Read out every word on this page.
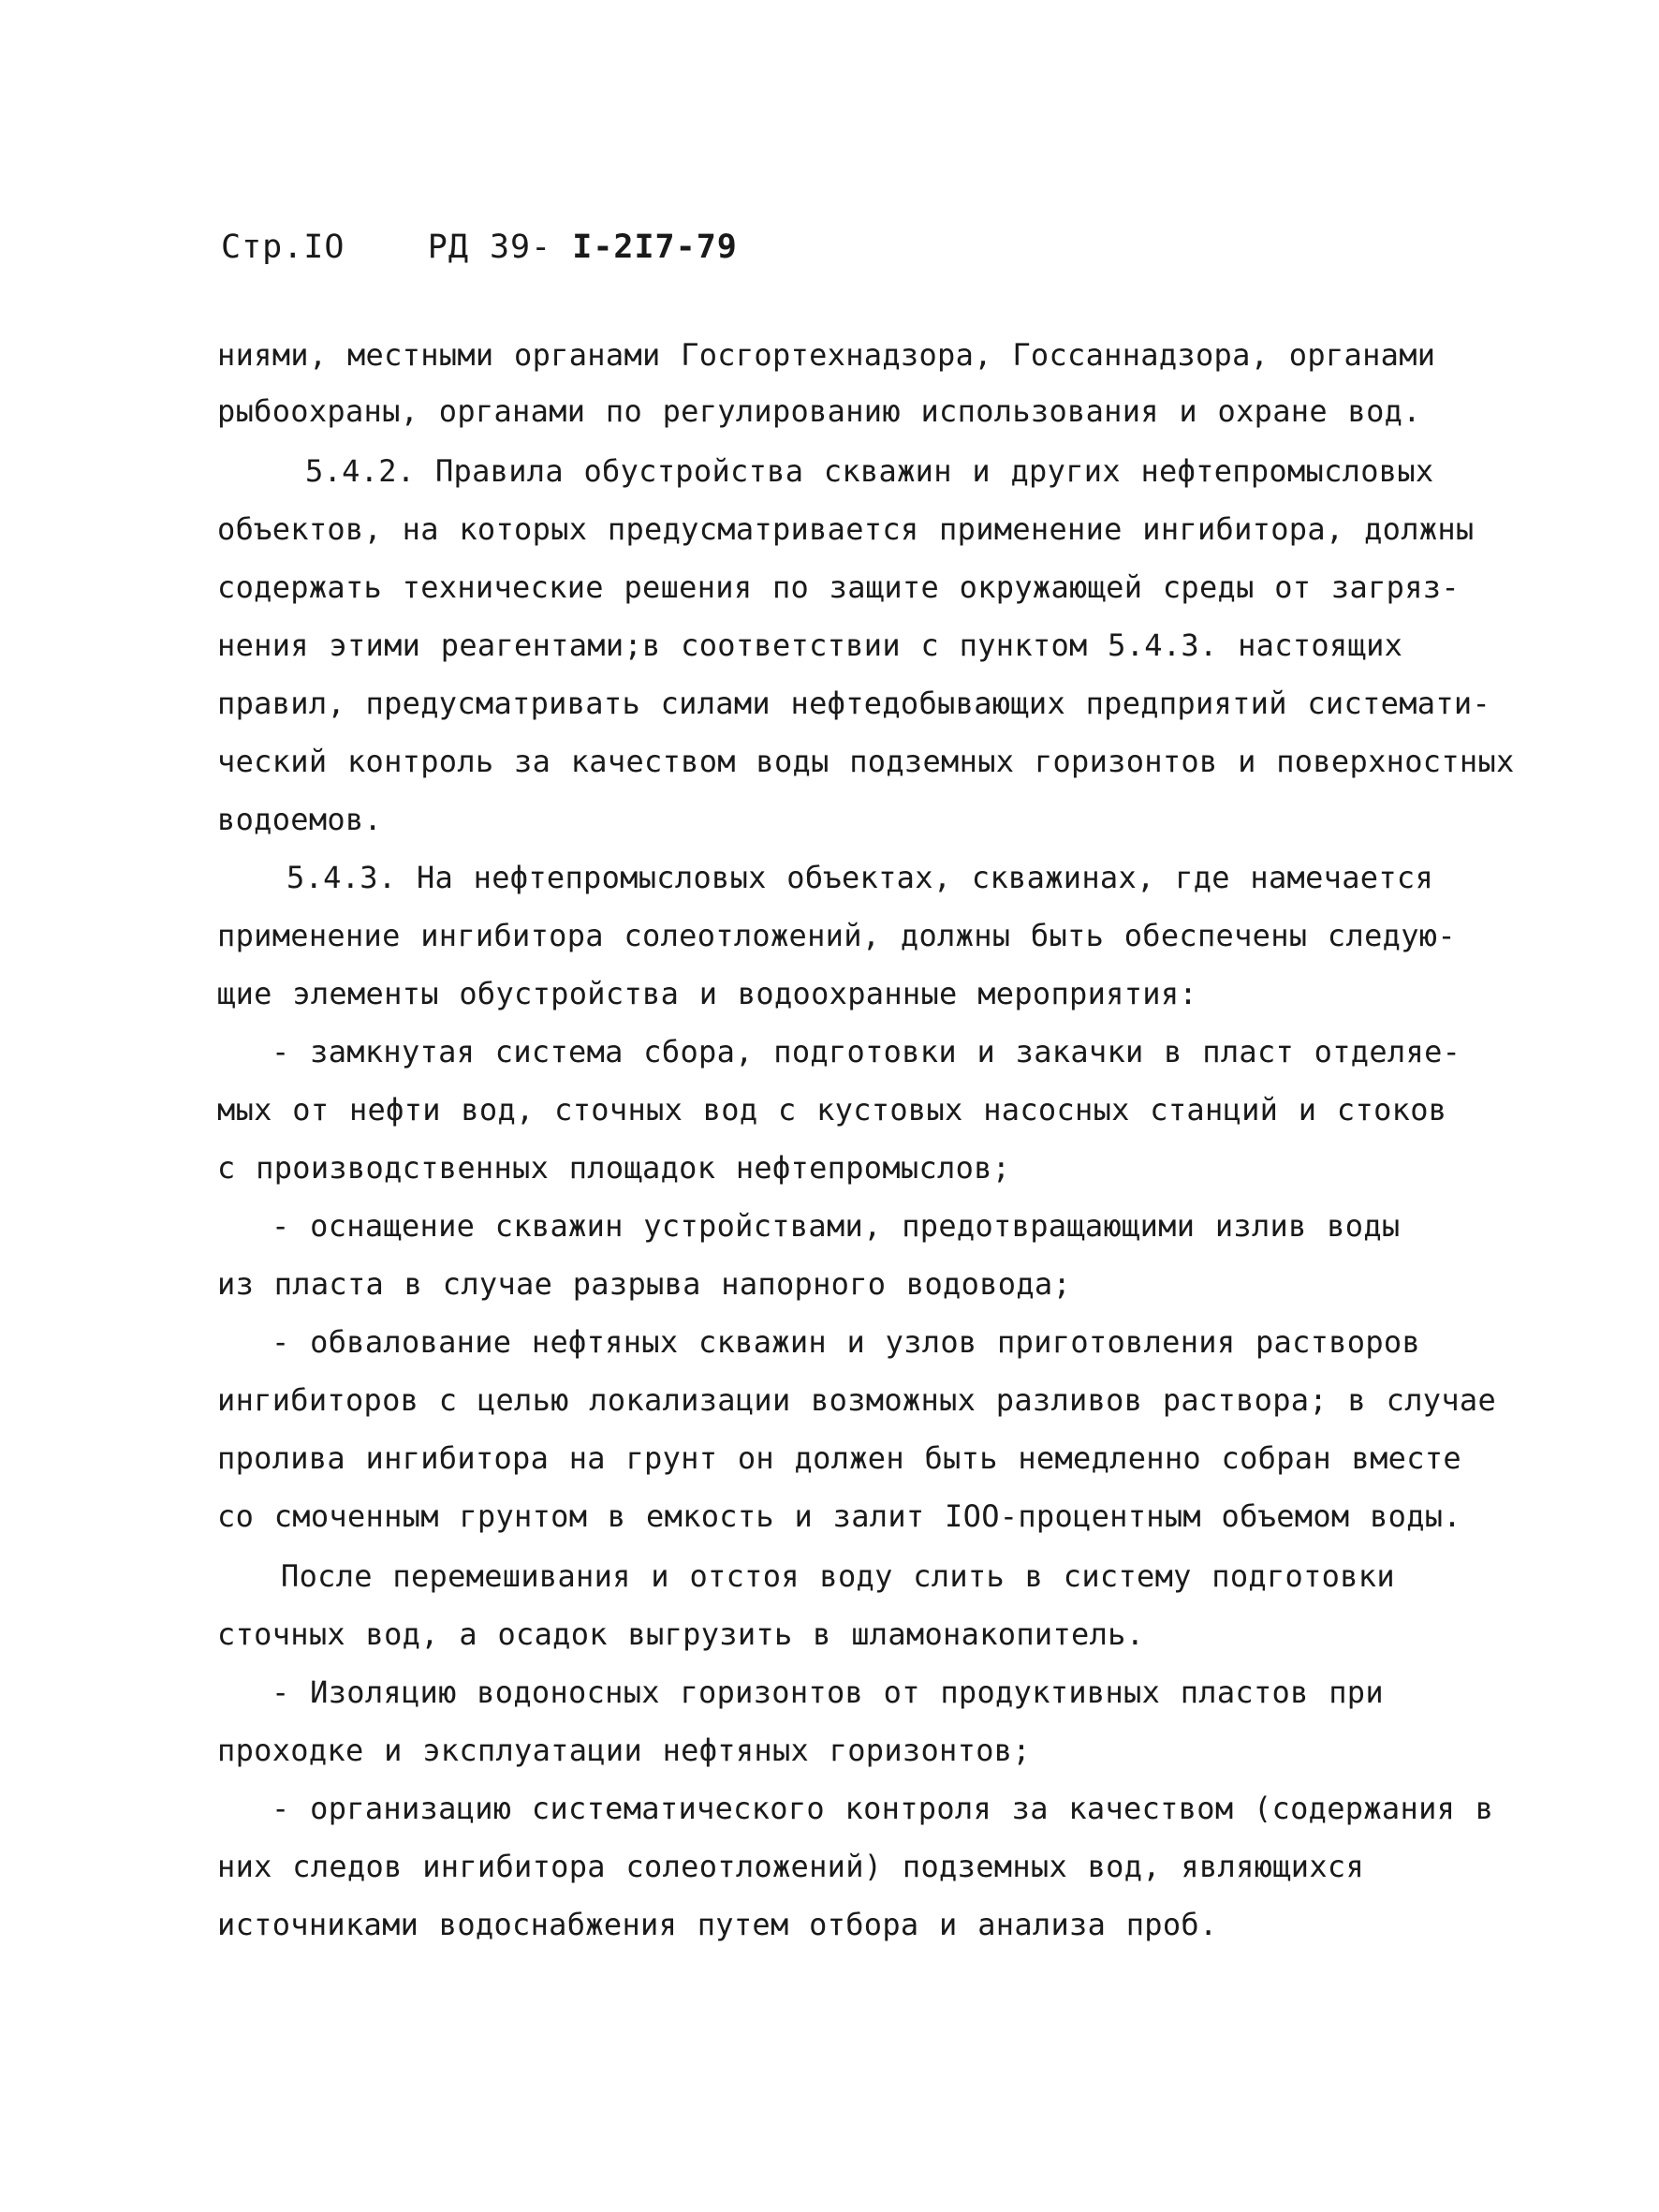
Стр.IO	РД 39- I-2I7-79
ниями, местными органами Госгортехнадзора, Госсаннадзора, органами
рыбоохраны, органами по регулированию использования и охране вод.
5.4.2. Правила обустройства скважин и других нефтепромысловых
объектов, на которых предусматривается применение ингибитора, должны
содержать технические решения по защите окружающей среды от загряз-
нения этими реагентами;в соответствии с пунктом 5.4.3. настоящих
правил, предусматривать силами нефтедобывающих предприятий системати-
ческий контроль за качеством воды подземных горизонтов и поверхностных
водоемов.
5.4.3. На нефтепромысловых объектах, скважинах, где намечается
применение ингибитора солеотложений, должны быть обеспечены следую-
щие элементы обустройства и водоохранные мероприятия:
- замкнутая система сбора, подготовки и закачки в пласт отделяе-
мых от нефти вод, сточных вод с кустовых насосных станций и стоков
с производственных площадок нефтепромыслов;
- оснащение скважин устройствами, предотвращающими излив воды
из пласта в случае разрыва напорного водовода;
- обвалование нефтяных скважин и узлов приготовления растворов
ингибиторов с целью локализации возможных разливов раствора; в случае
пролива ингибитора на грунт он должен быть немедленно собран вместе
со смоченным грунтом в емкость и залит IOO-процентным объемом воды.
После перемешивания и отстоя воду слить в систему подготовки
сточных вод, а осадок выгрузить в шламонакопитель.
- Изоляцию водоносных горизонтов от продуктивных пластов при
проходке и эксплуатации нефтяных горизонтов;
- организацию систематического контроля за качеством (содержания в
них следов ингибитора солеотложений) подземных вод, являющихся
источниками водоснабжения путем отбора и анализа проб.
